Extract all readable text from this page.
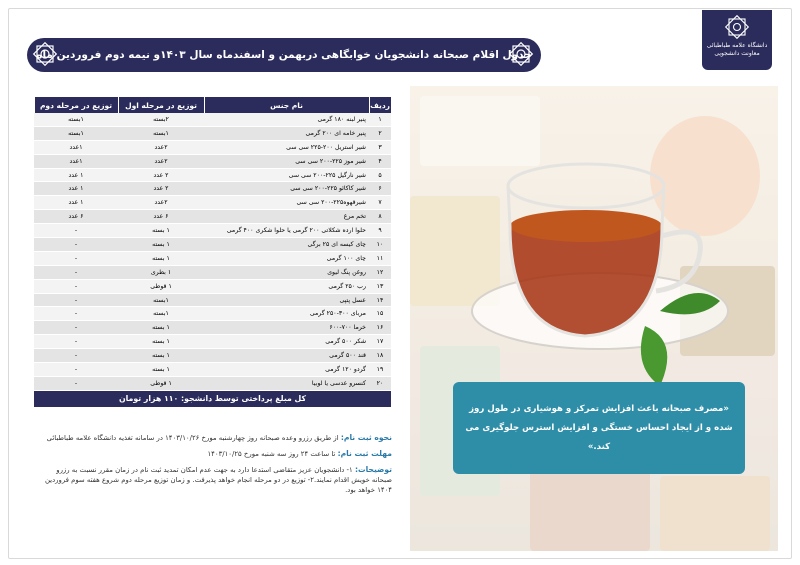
جدول اقلام صبحانه دانشجویان خوابگاهی دربهمن و اسفندماه سال ۱۴۰۳و نیمه دوم فروردین ماه ۱۴۰۴
دانشگاه علامه طباطبائی
معاونت دانشجویی
ردیف	نام جنس	توزیع در مرحله اول	توزیع در مرحله دوم
۱	پنیر لبنه ۱۸۰ گرمی	۲بسته	۱بسته
۲	پنیر خامه ای ۲۰۰ گرمی	۱بسته	۱بسته
۳	شیر استریل ۲۰۰-۲۲۵ سی سی	۲عدد	۱عدد
۴	شیر موز ۲۲۵-۲۰۰ سی سی	۲عدد	۱عدد
۵	شیر نارگیل ۲۲۵-۲۰۰ سی سی	۲ عدد	۱ عدد
۶	شیر کاکائو ۲۲۵-۲۰۰ سی سی	۲ عدد	۱ عدد
۷	شیرقهوه۲۲۵-۲۰۰ سی سی	۲عدد	۱ عدد
۸	تخم مرغ	۶ عدد	۶ عدد
۹	حلوا ارده شکلاتی ۲۰۰ گرمی یا حلوا شکری ۴۰۰ گرمی	۱ بسته	-
۱۰	چای کیسه ای ۲۵ برگی	۱ بسته	-
۱۱	چای ۱۰۰ گرمی	۱ بسته	-
۱۲	روغن پنگ لیوی	۱ بطری	-
۱۳	رب ۲۵۰ گرمی	۱ قوطی	-
۱۴	عسل پتپی	۱بسته	-
۱۵	مربای ۳۰۰-۲۵۰ گرمی	۱بسته	-
۱۶	خرما ۷۰۰-۶۰۰	۱ بسته	-
۱۷	شکر ۵۰۰ گرمی	۱ بسته	-
۱۸	قند ۵۰۰ گرمی	۱ بسته	-
۱۹	گردو ۱۲۰ گرمی	۱ بسته	-
۲۰	کنسرو عدسی یا لوبیا	۱ قوطی	-
کل مبلغ پرداختی توسط دانشجو: ۱۱۰ هزار تومان

نحوه ثبت نام: از طریق رزرو وعده صبحانه روز چهارشنبه مورخ ۱۴۰۳/۱۰/۲۶ در سامانه تغذیه دانشگاه علامه طباطبائی

مهلت ثبت نام: تا ساعت ۲۴ روز سه شنبه مورخ ۱۴۰۳/۱۰/۲۵

توضیحات: ۱- دانشجویان عزیز متقاضی استدعا دارد به جهت عدم امکان تمدید ثبت نام در زمان مقرر نسبت به رزرو صبحانه خویش اقدام نمایند.۲- توزیع در دو مرحله انجام خواهد پذیرفت. و زمان توزیع مرحله دوم شروع هفته سوم فروردین ۱۴۰۴ خواهد بود.

«مصرف صبحانه باعث افزایش تمرکز و هوشیاری در طول روز شده و از ایجاد احساس خستگی و افزایش استرس جلوگیری می کند.»
